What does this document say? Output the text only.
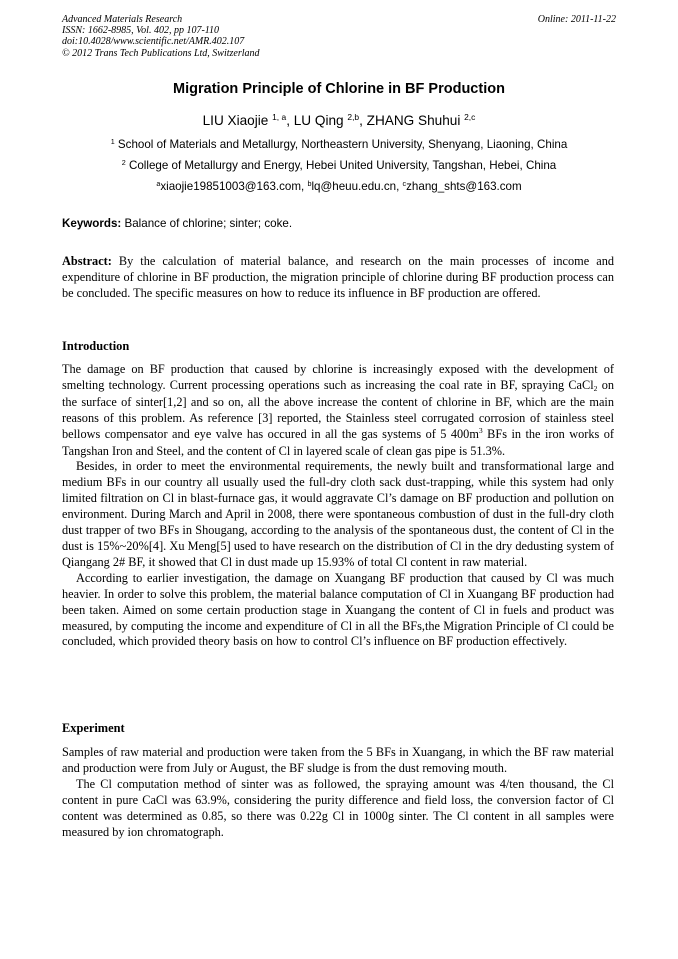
Advanced Materials Research
ISSN: 1662-8985, Vol. 402, pp 107-110
doi:10.4028/www.scientific.net/AMR.402.107
© 2012 Trans Tech Publications Ltd, Switzerland
Online: 2011-11-22
Migration Principle of Chlorine in BF Production
LIU Xiaojie $^{1, a}$, LU Qing $^{2,b}$, ZHANG Shuhui $^{2,c}$
$^1$ School of Materials and Metallurgy, Northeastern University, Shenyang, Liaoning, China
$^2$ College of Metallurgy and Energy, Hebei United University, Tangshan, Hebei, China
$^a$xiaojie19851003@163.com, $^b$lq@heuu.edu.cn, $^c$zhang_shts@163.com
Keywords: Balance of chlorine; sinter; coke.

Abstract: By the calculation of material balance, and research on the main processes of income and expenditure of chlorine in BF production, the migration principle of chlorine during BF production process can be concluded. The specific measures on how to reduce its influence in BF production are offered.

Introduction

The damage on BF production that caused by chlorine is increasingly exposed with the development of smelting technology. Current processing operations such as increasing the coal rate in BF, spraying CaCl$_2$ on the surface of sinter[1,2] and so on, all the above increase the content of chlorine in BF, which are the main reasons of this problem. As reference [3] reported, the Stainless steel corrugated corrosion of stainless steel bellows compensator and eye valve has occured in all the gas systems of 5 $400m^3$ BFs in the iron works of Tangshan Iron and Steel, and the content of Cl in layered scale of clean gas pipe is 51.3%.

Besides, in order to meet the environmental requirements, the newly built and transformational large and medium BFs in our country all usually used the full-dry cloth sack dust-trapping, while this system had only limited filtration on Cl in blast-furnace gas, it would aggravate Cl’s damage on BF production and pollution on environment. During March and April in 2008, there were spontaneous combustion of dust in the full-dry cloth dust trapper of two BFs in Shougang, according to the analysis of the spontaneous dust, the content of Cl in the dust is 15%~20%[4]. Xu Meng[5] used to have research on the distribution of Cl in the dry dedusting system of Qiangang 2# BF, it showed that Cl in dust made up 15.93% of total Cl content in raw material.

According to earlier investigation, the damage on Xuangang BF production that caused by Cl was much heavier. In order to solve this problem, the material balance computation of Cl in Xuangang BF production had been taken. Aimed on some certain production stage in Xuangang the content of Cl in fuels and product was measured, by computing the income and expenditure of Cl in all the BFs,the Migration Principle of Cl could be concluded, which provided theory basis on how to control Cl’s influence on BF production effectively.

Experiment

Samples of raw material and production were taken from the 5 BFs in Xuangang, in which the BF raw material and production were from July or August, the BF sludge is from the dust removing mouth.

The Cl computation method of sinter was as followed, the spraying amount was 4/ten thousand, the Cl content in pure CaCl was 63.9%, considering the purity difference and field loss, the conversion factor of Cl content was determined as 0.85, so there was 0.22g Cl in 1000g sinter. The Cl content in all samples were measured by ion chromatograph.
